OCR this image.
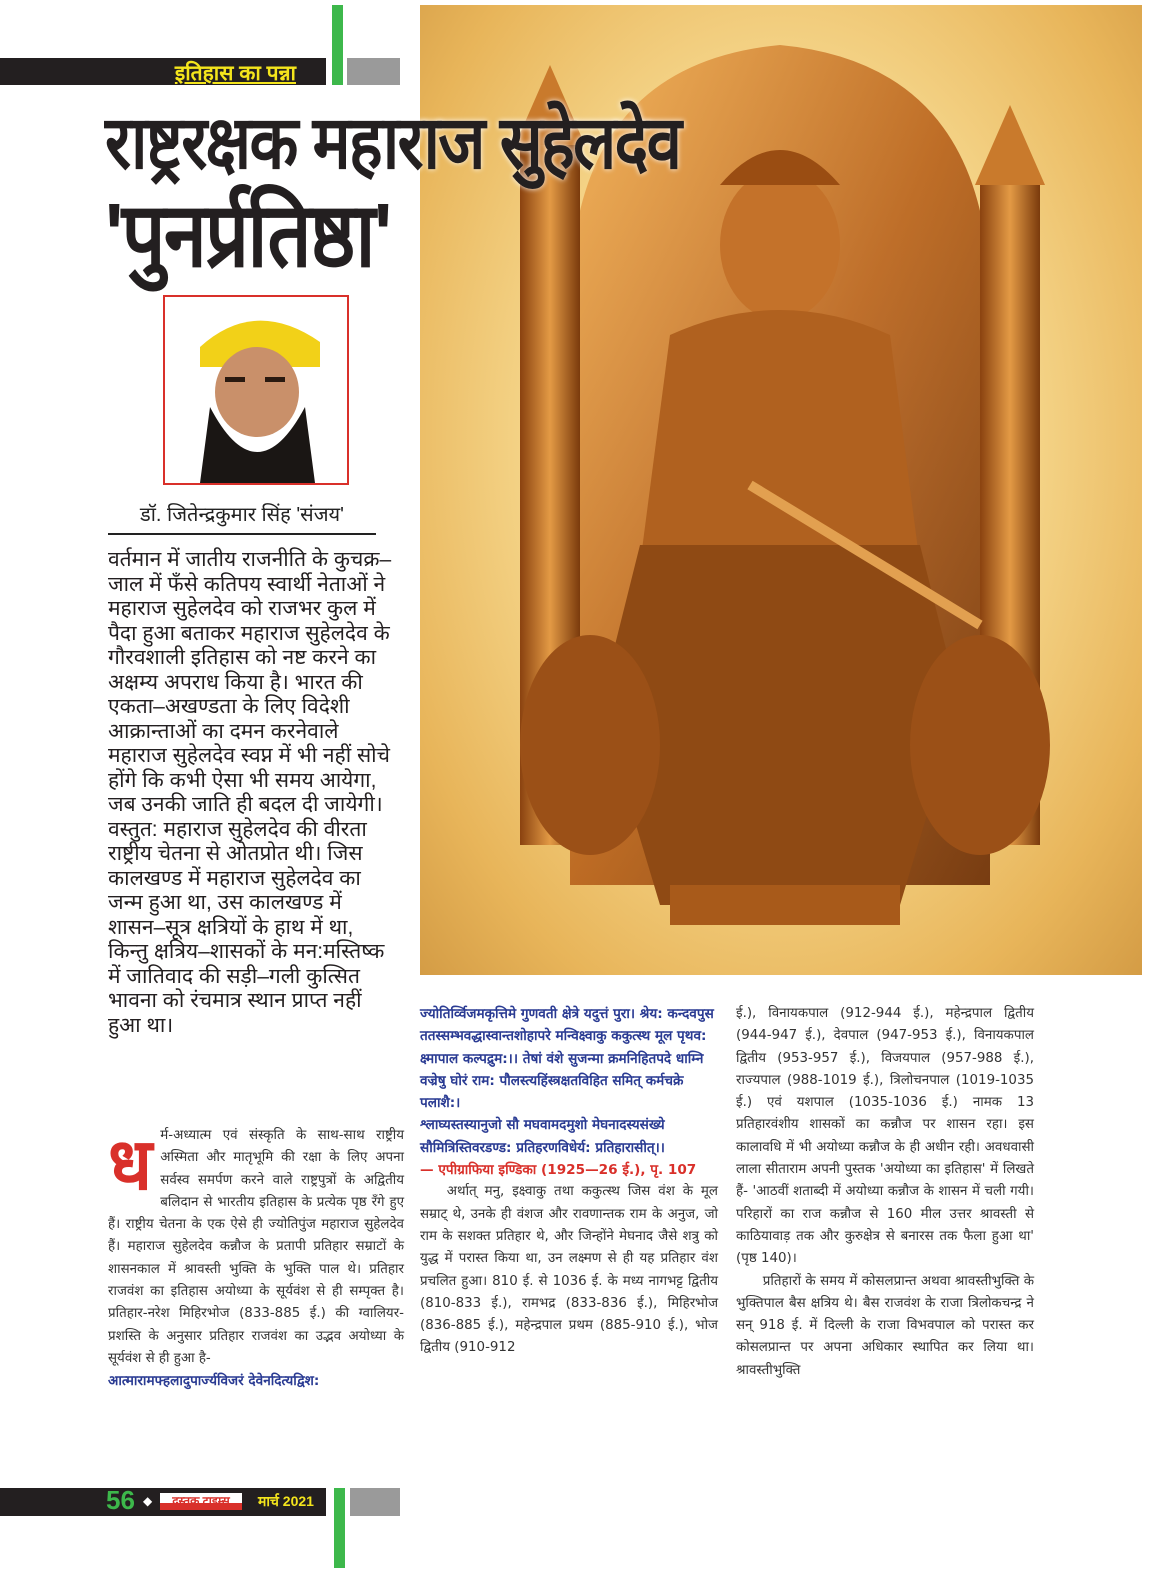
इतिहास का पन्ना
राष्ट्ररक्षक महाराज सुहेलदेव
'पुनर्प्रतिष्ठा'
डॉ. जितेन्द्रकुमार सिंह 'संजय'
वर्तमान में जातीय राजनीति के कुचक्र–जाल में फँसे कतिपय स्वार्थी नेताओं ने महाराज सुहेलदेव को राजभर कुल में पैदा हुआ बताकर महाराज सुहेलदेव के गौरवशाली इतिहास को नष्ट करने का अक्षम्य अपराध किया है। भारत की एकता–अखण्डता के लिए विदेशी आक्रान्ताओं का दमन करनेवाले महाराज सुहेलदेव स्वप्न में भी नहीं सोचे होंगे कि कभी ऐसा भी समय आयेगा, जब उनकी जाति ही बदल दी जायेगी। वस्तुत: महाराज सुहेलदेव की वीरता राष्ट्रीय चेतना से ओतप्रोत थी। जिस कालखण्ड में महाराज सुहेलदेव का जन्म हुआ था, उस कालखण्ड में शासन–सूत्र क्षत्रियों के हाथ में था, किन्तु क्षत्रिय–शासकों के मन:मस्तिष्क में जातिवाद की सड़ी–गली कुत्सित भावना को रंचमात्र स्थान प्राप्त नहीं हुआ था।
ध र्म-अध्यात्म एवं संस्कृति के साथ-साथ राष्ट्रीय अस्मिता और मातृभूमि की रक्षा के लिए अपना सर्वस्व समर्पण करने वाले राष्ट्रपुत्रों के अद्वितीय बलिदान से भारतीय इतिहास के प्रत्येक पृष्ठ रँगे हुए हैं। राष्ट्रीय चेतना के एक ऐसे ही ज्योतिपुंज महाराज सुहेलदेव हैं। महाराज सुहेलदेव कन्नौज के प्रतापी प्रतिहार सम्राटों के शासनकाल में श्रावस्ती भुक्ति के भुक्ति पाल थे। प्रतिहार राजवंश का इतिहास अयोध्या के सूर्यवंश से ही सम्पृक्त है। प्रतिहार-नरेश मिहिरभोज (833-885 ई.) की ग्वालियर-प्रशस्ति के अनुसार प्रतिहार राजवंश का उद्भव अयोध्या के सूर्यवंश से ही हुआ है-
आत्मारामफ्हलादुपार्ज्यविजरं देवेनदित्यद्विश:
ज्योतिर्व्विजमकृत्तिमे गुणवती क्षेत्रे यदुत्तं पुरा। श्रेय: कन्दवपुस ततस्सम्भवद्धास्वान्तशोहापरे मन्विक्ष्वाकु ककुत्स्थ मूल पृथव: क्ष्मापाल कल्पद्रुम:।। तेषां वंशे सुजन्मा क्रमनिहितपदे धाम्नि वज्रेषु घोरं राम: पौलस्त्यहिंस्त्रक्षतविहित समित् कर्मचक्रे पलाशै:।
श्लाघ्यस्तस्यानुजो सौ मघवामदमुशो मेघनादस्यसंख्ये सौमित्रिस्तिवरडण्ड: प्रतिहरणविधेर्य: प्रतिहारासीत्।।
— एपीग्राफिया इण्डिका (1925—26 ई.), पृ. 107
अर्थात् मनु, इक्ष्वाकु तथा ककुत्स्थ जिस वंश के मूल सम्राट् थे, उनके ही वंशज और रावणान्तक राम के अनुज, जो राम के सशक्त प्रतिहार थे, और जिन्होंने मेघनाद जैसे शत्रु को युद्ध में परास्त किया था, उन लक्ष्मण से ही यह प्रतिहार वंश प्रचलित हुआ। 810 ई. से 1036 ई. के मध्य नागभट्ट द्वितीय (810-833 ई.), रामभद्र (833-836 ई.), मिहिरभोज (836-885 ई.), महेन्द्रपाल प्रथम (885-910 ई.), भोज द्वितीय (910-912
ई.), विनायकपाल (912-944 ई.), महेन्द्रपाल द्वितीय (944-947 ई.), देवपाल (947-953 ई.), विनायकपाल द्वितीय (953-957 ई.), विजयपाल (957-988 ई.), राज्यपाल (988-1019 ई.), त्रिलोचनपाल (1019-1035 ई.) एवं यशपाल (1035-1036 ई.) नामक 13 प्रतिहारवंशीय शासकों का कन्नौज पर शासन रहा। इस कालावधि में भी अयोध्या कन्नौज के ही अधीन रही। अवधवासी लाला सीताराम अपनी पुस्तक 'अयोध्या का इतिहास' में लिखते हैं- 'आठवीं शताब्दी में अयोध्या कन्नौज के शासन में चली गयी। परिहारों का राज कन्नौज से 160 मील उत्तर श्रावस्ती से काठियावाड़ तक और कुरुक्षेत्र से बनारस तक फैला हुआ था' (पृष्ठ 140)।
प्रतिहारों के समय में कोसलप्रान्त अथवा श्रावस्तीभुक्ति के भुक्तिपाल बैस क्षत्रिय थे। बैस राजवंश के राजा त्रिलोकचन्द्र ने सन् 918 ई. में दिल्ली के राजा विभवपाल को परास्त कर कोसलप्रान्त पर अपना अधिकार स्थापित कर लिया था। श्रावस्तीभुक्ति
56 ◆	दस्तक टाइम्स	मार्च 2021
